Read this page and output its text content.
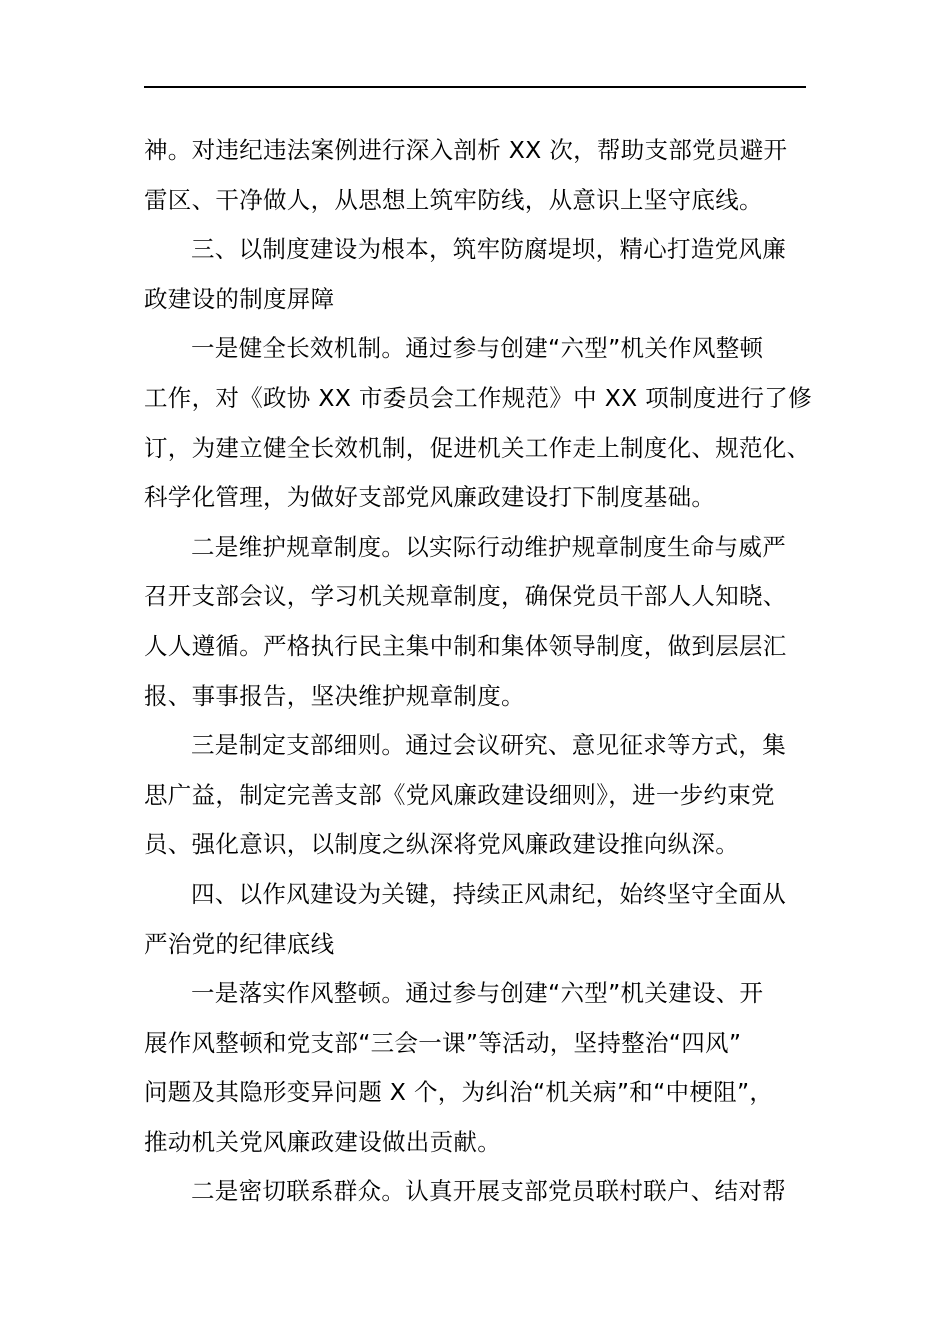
神。对违纪违法案例进行深入剖析 XX 次，帮助支部党员避开
雷区、干净做人，从思想上筑牢防线，从意识上坚守底线。
三、以制度建设为根本，筑牢防腐堤坝，精心打造党风廉
政建设的制度屏障
一是健全长效机制。通过参与创建“六型”机关作风整顿
工作，对《政协 XX 市委员会工作规范》中 XX 项制度进行了修
订，为建立健全长效机制，促进机关工作走上制度化、规范化、
科学化管理，为做好支部党风廉政建设打下制度基础。
二是维护规章制度。以实际行动维护规章制度生命与威严
召开支部会议，学习机关规章制度，确保党员干部人人知晓、
人人遵循。严格执行民主集中制和集体领导制度，做到层层汇
报、事事报告，坚决维护规章制度。
三是制定支部细则。通过会议研究、意见征求等方式，集
思广益，制定完善支部《党风廉政建设细则》，进一步约束党
员、强化意识，以制度之纵深将党风廉政建设推向纵深。
四、以作风建设为关键，持续正风肃纪，始终坚守全面从
严治党的纪律底线
一是落实作风整顿。通过参与创建“六型”机关建设、开
展作风整顿和党支部“三会一课”等活动，坚持整治“四风”
问题及其隐形变异问题 X 个，为纠治“机关病”和“中梗阻”，
推动机关党风廉政建设做出贡献。
二是密切联系群众。认真开展支部党员联村联户、结对帮
